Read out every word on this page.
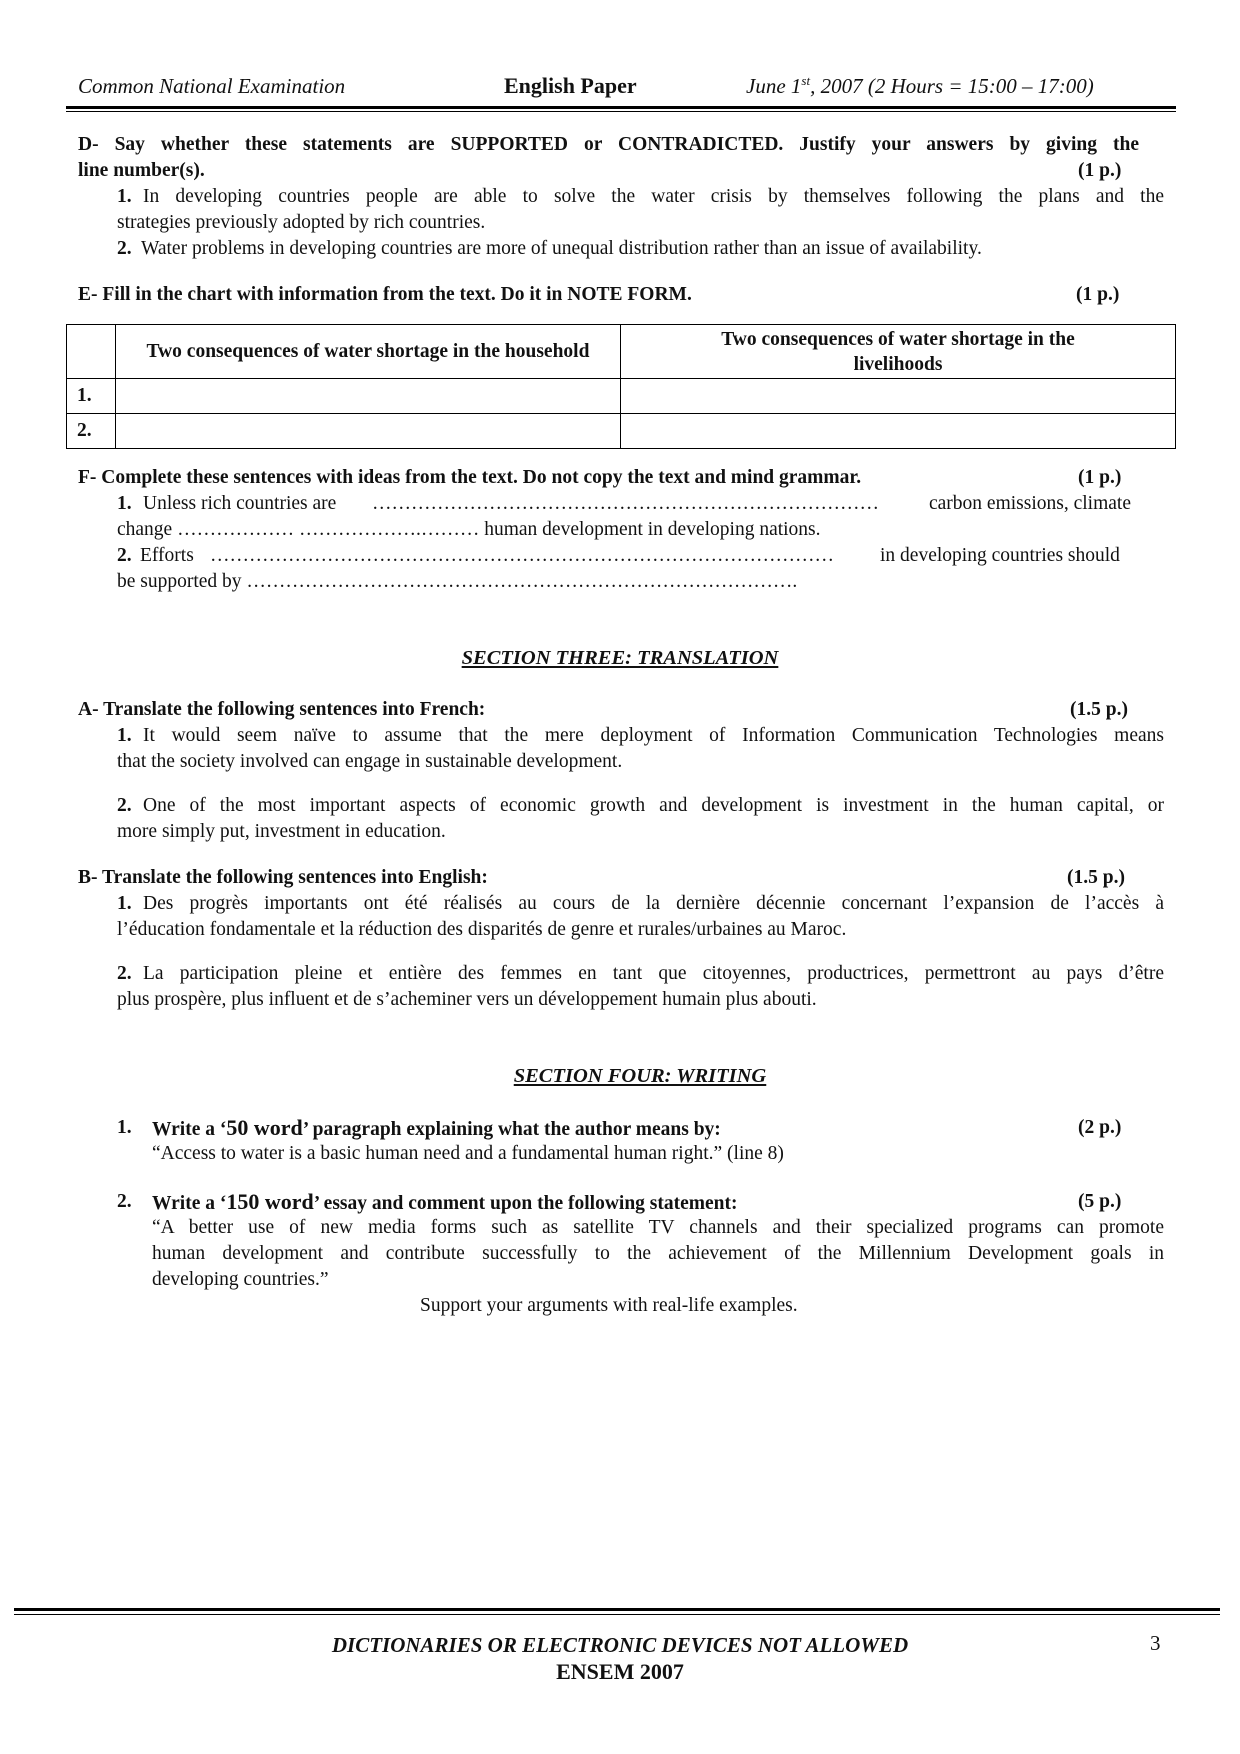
Common National Examination	English Paper	June 1st, 2007 (2 Hours = 15:00 – 17:00)
D- Say whether these statements are SUPPORTED or CONTRADICTED. Justify your answers by giving the
line number(s).	(1 p.)
1. In developing countries people are able to solve the water crisis by themselves following the plans and the
strategies previously adopted by rich countries.
2. Water problems in developing countries are more of unequal distribution rather than an issue of availability.
E- Fill in the chart with information from the text. Do it in NOTE FORM.	(1 p.)

	Two consequences of water shortage in the household	Two consequences of water shortage in the livelihoods

1.		
2.		
F- Complete these sentences with ideas from the text. Do not copy the text and mind grammar.	(1 p.)
1. Unless rich countries are ……………………………………………………………………	carbon emissions, climate
change ……………… ……………….……… human development in developing nations.
2. Efforts ……………………………………………………………………………………	in developing countries should
be supported by ………………………………………………………………………….
SECTION THREE: TRANSLATION
A- Translate the following sentences into French:	(1.5 p.)
1. It would seem naïve to assume that the mere deployment of Information Communication Technologies means
that the society involved can engage in sustainable development.
2. One of the most important aspects of economic growth and development is investment in the human capital, or
more simply put, investment in education.
B- Translate the following sentences into English:	(1.5 p.)
1. Des progrès importants ont été réalisés au cours de la dernière décennie concernant l’expansion de l’accès à
l’éducation fondamentale et la réduction des disparités de genre et rurales/urbaines au Maroc.
2. La participation pleine et entière des femmes en tant que citoyennes, productrices, permettront au pays d’être
plus prospère, plus influent et de s’acheminer vers un développement humain plus abouti.
SECTION FOUR: WRITING
1. Write a ‘50 word’ paragraph explaining what the author means by:	(2 p.)
“Access to water is a basic human need and a fundamental human right.” (line 8)
2. Write a ‘150 word’ essay and comment upon the following statement:	(5 p.)
“A better use of new media forms such as satellite TV channels and their specialized programs can promote
human development and contribute successfully to the achievement of the Millennium Development goals in
developing countries.”
Support your arguments with real-life examples.
DICTIONARIES OR ELECTRONIC DEVICES NOT ALLOWED
ENSEM 2007
3
